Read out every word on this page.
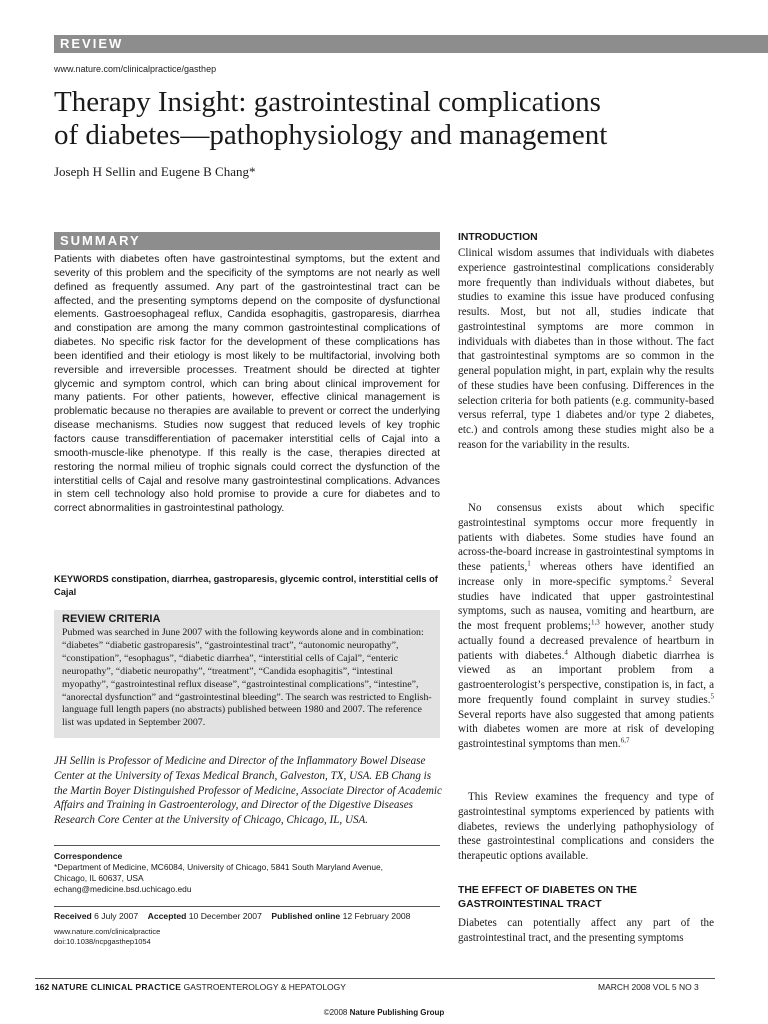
REVIEW
www.nature.com/clinicalpractice/gasthep
Therapy Insight: gastrointestinal complications
of diabetes—pathophysiology and management
Joseph H Sellin and Eugene B Chang*
SUMMARY

Patients with diabetes often have gastrointestinal symptoms, but the extent and severity of this problem and the specificity of the symptoms are not nearly as well defined as frequently assumed. Any part of the gastrointestinal tract can be affected, and the presenting symptoms depend on the composite of dysfunctional elements. Gastroesophageal reflux, Candida esophagitis, gastroparesis, diarrhea and constipation are among the many common gastrointestinal complications of diabetes. No specific risk factor for the development of these complications has been identified and their etiology is most likely to be multifactorial, involving both reversible and irreversible processes. Treatment should be directed at tighter glycemic and symptom control, which can bring about clinical improvement for many patients. For other patients, however, effective clinical management is problematic because no therapies are available to prevent or correct the underlying disease mechanisms. Studies now suggest that reduced levels of key trophic factors cause transdifferentiation of pacemaker interstitial cells of Cajal into a smooth-muscle-like phenotype. If this really is the case, therapies directed at restoring the normal milieu of trophic signals could correct the dysfunction of the interstitial cells of Cajal and resolve many gastrointestinal complications. Advances in stem cell technology also hold promise to provide a cure for diabetes and to correct abnormalities in gastrointestinal pathology.

KEYWORDS constipation, diarrhea, gastroparesis, glycemic control, interstitial cells of Cajal

REVIEW CRITERIA

Pubmed was searched in June 2007 with the following keywords alone and in combination: “diabetes” “diabetic gastroparesis”, “gastrointestinal tract”, “autonomic neuropathy”, “constipation”, “esophagus”, “diabetic diarrhea”, “interstitial cells of Cajal”, “enteric neuropathy”, “diabetic neuropathy”, “treatment”, “Candida esophagitis”, “intestinal myopathy”, “gastrointestinal reflux disease”, “gastrointestinal complications”, “intestine”, “anorectal dysfunction” and “gastrointestinal bleeding”. The search was restricted to English-language full length papers (no abstracts) published between 1980 and 2007. The reference list was updated in September 2007.

JH Sellin is Professor of Medicine and Director of the Inflammatory Bowel Disease Center at the University of Texas Medical Branch, Galveston, TX, USA. EB Chang is the Martin Boyer Distinguished Professor of Medicine, Associate Director of Academic Affairs and Training in Gastroenterology, and Director of the Digestive Diseases Research Core Center at the University of Chicago, Chicago, IL, USA.

Correspondence
*Department of Medicine, MC6084, University of Chicago, 5841 South Maryland Avenue,
Chicago, IL 60637, USA
echang@medicine.bsd.uchicago.edu
Received 6 July 2007 Accepted 10 December 2007 Published online 12 February 2008
www.nature.com/clinicalpractice
doi:10.1038/ncpgasthep1054

INTRODUCTION

Clinical wisdom assumes that individuals with diabetes experience gastrointestinal complications considerably more frequently than individuals without diabetes, but studies to examine this issue have produced confusing results. Most, but not all, studies indicate that gastrointestinal symptoms are more common in individuals with diabetes than in those without. The fact that gastrointestinal symptoms are so common in the general population might, in part, explain why the results of these studies have been confusing. Differences in the selection criteria for both patients (e.g. community-based versus referral, type 1 diabetes and/or type 2 diabetes, etc.) and controls among these studies might also be a reason for the variability in the results.

No consensus exists about which specific gastrointestinal symptoms occur more frequently in patients with diabetes. Some studies have found an across-the-board increase in gastrointestinal symptoms in these patients,$^1$ whereas others have identified an increase only in more-specific symptoms.$^2$ Several studies have indicated that upper gastrointestinal symptoms, such as nausea, vomiting and heartburn, are the most frequent problems;$^{1,3}$ however, another study actually found a decreased prevalence of heartburn in patients with diabetes.$^4$ Although diabetic diarrhea is viewed as an important problem from a gastroenterologist’s perspective, constipation is, in fact, a more frequently found complaint in survey studies.$^5$ Several reports have also suggested that among patients with diabetes women are more at risk of developing gastrointestinal symptoms than men.$^{6,7}$

This Review examines the frequency and type of gastrointestinal symptoms experienced by patients with diabetes, reviews the underlying pathophysiology of these gastrointestinal complications and considers the therapeutic options available.

THE EFFECT OF DIABETES ON THE
GASTROINTESTINAL TRACT

Diabetes can potentially affect any part of the gastrointestinal tract, and the presenting symptoms

162 NATURE CLINICAL PRACTICE GASTROENTEROLOGY & HEPATOLOGY	MARCH 2008 VOL 5 NO 3
©2008 Nature Publishing Group
